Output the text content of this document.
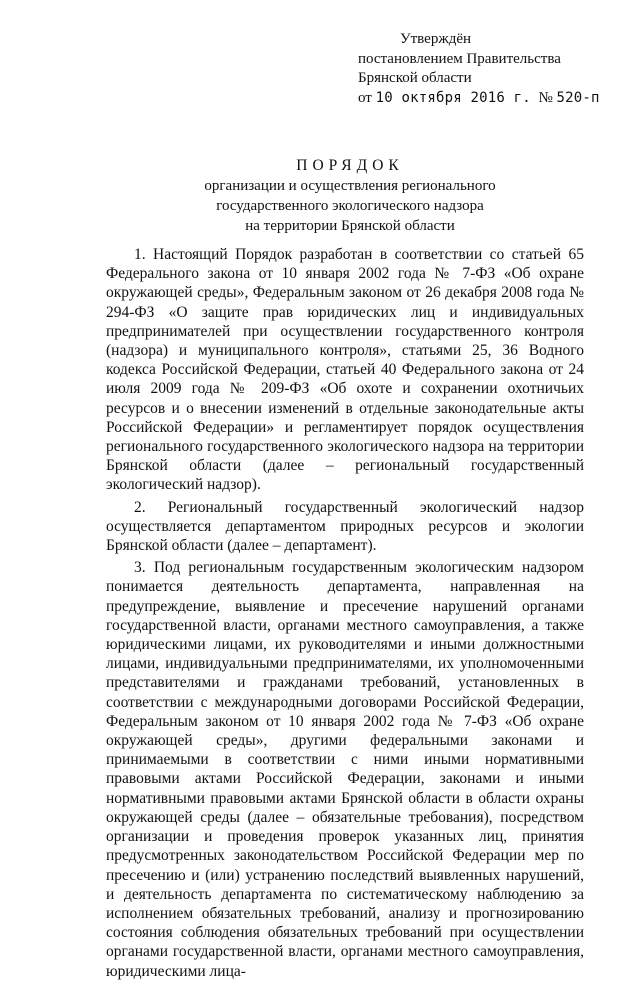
Утверждён
постановлением Правительства
Брянской области
от 10 октября 2016 г.  № 520-п
ПОРЯДОК
организации и осуществления регионального
государственного экологического надзора
на территории Брянской области

1. Настоящий Порядок разработан в соответствии со статьей 65 Федерального закона от 10 января 2002 года № 7-ФЗ «Об охране окружающей среды», Федеральным законом от 26 декабря 2008 года № 294-ФЗ «О защите прав юридических лиц и индивидуальных предпринимателей при осуществлении государственного контроля (надзора) и муниципального контроля», статьями 25, 36 Водного кодекса Российской Федерации, статьей 40 Федерального закона от 24 июля 2009 года № 209-ФЗ «Об охоте и сохранении охотничьих ресурсов и о внесении изменений в отдельные законодательные акты Российской Федерации» и регламентирует порядок осуществления регионального государственного экологического надзора на территории Брянской области (далее – региональный государственный экологический надзор).

2. Региональный государственный экологический надзор осуществляется департаментом природных ресурсов и экологии Брянской области (далее – департамент).

3. Под региональным государственным экологическим надзором понимается деятельность департамента, направленная на предупреждение, выявление и пресечение нарушений органами государственной власти, органами местного самоуправления, а также юридическими лицами, их руководителями и иными должностными лицами, индивидуальными предпринимателями, их уполномоченными представителями и гражданами требований, установленных в соответствии с международными договорами Российской Федерации, Федеральным законом от 10 января 2002 года № 7-ФЗ «Об охране окружающей среды», другими федеральными законами и принимаемыми в соответствии с ними иными нормативными правовыми актами Российской Федерации, законами и иными нормативными правовыми актами Брянской области в области охраны окружающей среды (далее – обязательные требования), посредством организации и проведения проверок указанных лиц, принятия предусмотренных законодательством Российской Федерации мер по пресечению и (или) устранению последствий выявленных нарушений, и деятельность департамента по систематическому наблюдению за исполнением обязательных требований, анализу и прогнозированию состояния соблюдения обязательных требований при осуществлении органами государственной власти, органами местного самоуправления, юридическими лица-
